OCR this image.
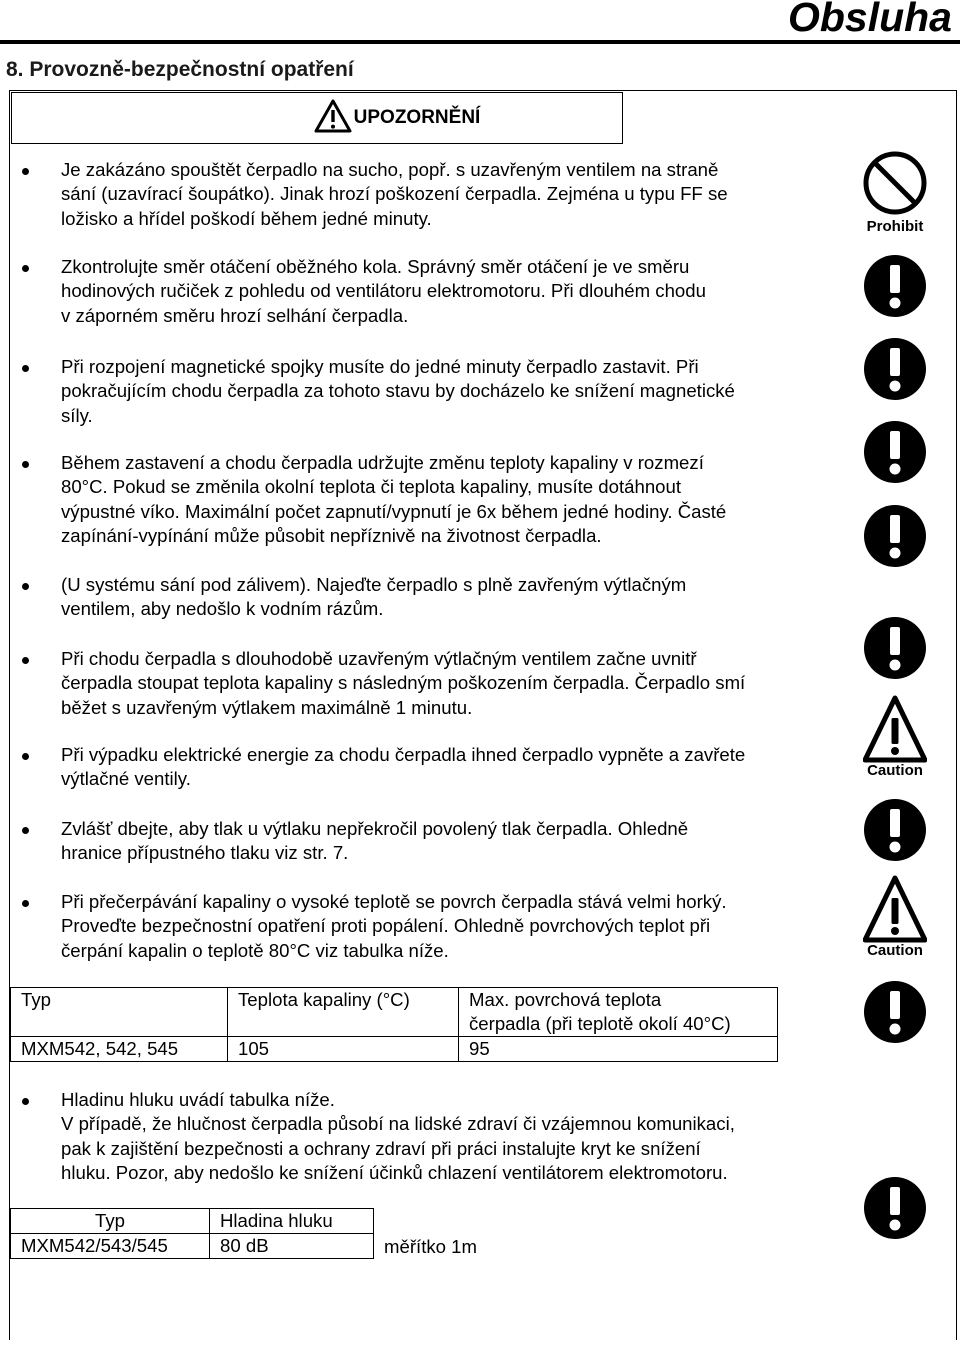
Obsluha
8. Provozně-bezpečnostní opatření
UPOZORNĚNÍ
Je zakázáno spouštět čerpadlo na sucho, popř. s uzavřeným ventilem na straně
sání (uzavírací šoupátko). Jinak hrozí poškození čerpadla. Zejména u typu FF se
ložisko a hřídel poškodí během jedné minuty.
Zkontrolujte směr otáčení oběžného kola. Správný směr otáčení je ve směru
hodinových ručiček z pohledu od ventilátoru elektromotoru. Při dlouhém chodu
v záporném směru hrozí selhání čerpadla.
Při rozpojení magnetické spojky musíte do jedné minuty čerpadlo zastavit. Při
pokračujícím chodu čerpadla za tohoto stavu by docházelo ke snížení magnetické
síly.
Během zastavení a chodu čerpadla udržujte změnu teploty kapaliny v rozmezí
80°C. Pokud se změnila okolní teplota či teplota kapaliny, musíte dotáhnout
výpustné víko. Maximální počet zapnutí/vypnutí je 6x během jedné hodiny. Časté
zapínání-vypínání může působit nepříznivě na životnost čerpadla.
(U systému sání pod zálivem). Najeďte čerpadlo s plně zavřeným výtlačným
ventilem, aby nedošlo k vodním rázům.
Při chodu čerpadla s dlouhodobě uzavřeným výtlačným ventilem začne uvnitř
čerpadla stoupat teplota kapaliny s následným poškozením čerpadla. Čerpadlo smí
běžet s uzavřeným výtlakem maximálně 1 minutu.
Při výpadku elektrické energie za chodu čerpadla ihned čerpadlo vypněte a zavřete
výtlačné ventily.
Zvlášť dbejte, aby tlak u výtlaku nepřekročil povolený tlak čerpadla. Ohledně
hranice přípustného tlaku viz str. 7.
Při přečerpávání kapaliny o vysoké teplotě se povrch čerpadla stává velmi horký.
Proveďte bezpečnostní opatření proti popálení. Ohledně povrchových teplot při
čerpání kapalin o teplotě 80°C viz tabulka níže.
Typ	Teplota kapaliny (°C)	Max. povrchová teplota
čerpadla (při teplotě okolí 40°C)
MXM542, 542, 545	105	95
Hladinu hluku uvádí tabulka níže.
V případě, že hlučnost čerpadla působí na lidské zdraví či vzájemnou komunikaci,
pak k zajištění bezpečnosti a ochrany zdraví při práci instalujte kryt ke snížení
hluku. Pozor, aby nedošlo ke snížení účinků chlazení ventilátorem elektromotoru.
Typ	Hladina hluku
MXM542/543/545	80 dB	měřítko 1m
Prohibit
Caution
Caution
